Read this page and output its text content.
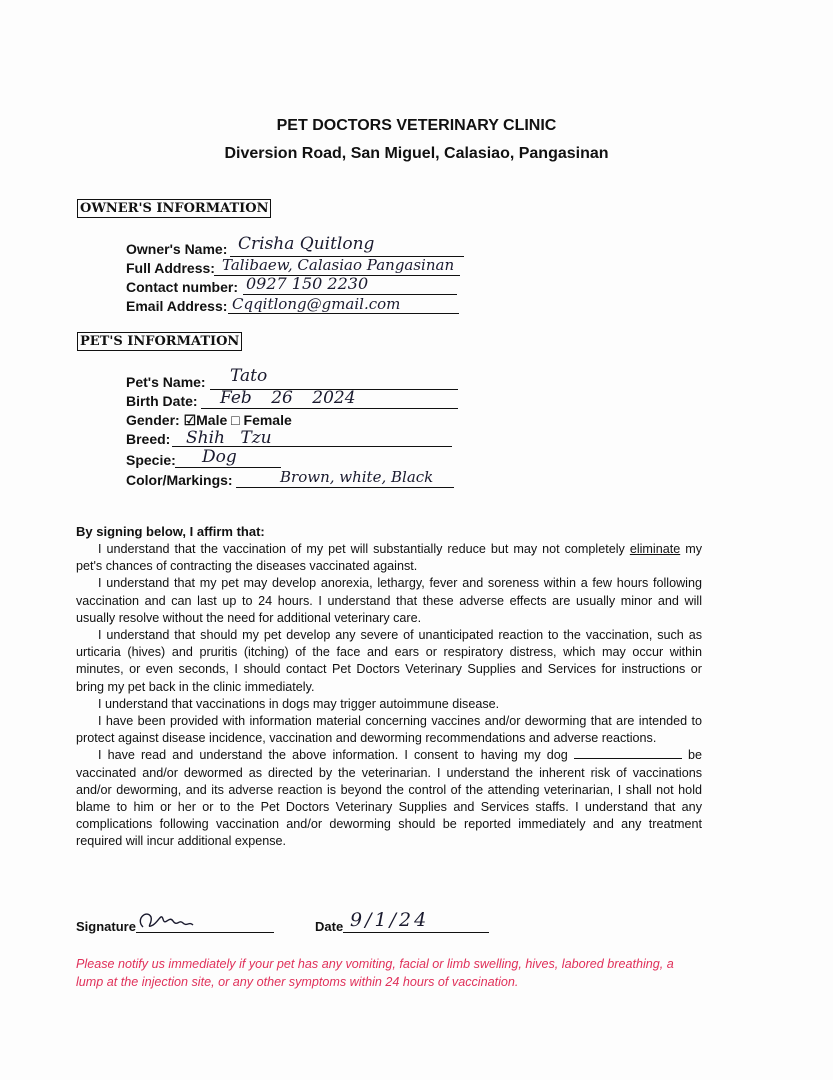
PET DOCTORS VETERINARY CLINIC
Diversion Road, San Miguel, Calasiao, Pangasinan
OWNER'S INFORMATION
Owner's Name: Crisha Quitlong
Full Address: Talibaew, Calasiao Pangasinan
Contact number: 0927 150 2230
Email Address: Cqqitlong@gmail.com
PET'S INFORMATION
Pet's Name: Tato
Birth Date: Feb 26 2024
Gender: ☑Male □ Female
Breed: Shih Tzu
Specie: Dog
Color/Markings:	Brown, white, Black
By signing below, I affirm that:

I understand that the vaccination of my pet will substantially reduce but may not completely eliminate my pet's chances of contracting the diseases vaccinated against.

I understand that my pet may develop anorexia, lethargy, fever and soreness within a few hours following vaccination and can last up to 24 hours. I understand that these adverse effects are usually minor and will usually resolve without the need for additional veterinary care.

I understand that should my pet develop any severe of unanticipated reaction to the vaccination, such as urticaria (hives) and pruritis (itching) of the face and ears or respiratory distress, which may occur within minutes, or even seconds, I should contact Pet Doctors Veterinary Supplies and Services for instructions or bring my pet back in the clinic immediately.

I understand that vaccinations in dogs may trigger autoimmune disease.

I have been provided with information material concerning vaccines and/or deworming that are intended to protect against disease incidence, vaccination and deworming recommendations and adverse reactions.

I have read and understand the above information. I consent to having my dog	be vaccinated and/or dewormed as directed by the veterinarian. I understand the inherent risk of vaccinations and/or deworming, and its adverse reaction is beyond the control of the attending veterinarian, I shall not hold blame to him or her or to the Pet Doctors Veterinary Supplies and Services staffs. I understand that any complications following vaccination and/or deworming should be reported immediately and any treatment required will incur additional expense.

Signature	Date 9/1/24
Please notify us immediately if your pet has any vomiting, facial or limb swelling, hives, labored breathing, a lump at the injection site, or any other symptoms within 24 hours of vaccination.
